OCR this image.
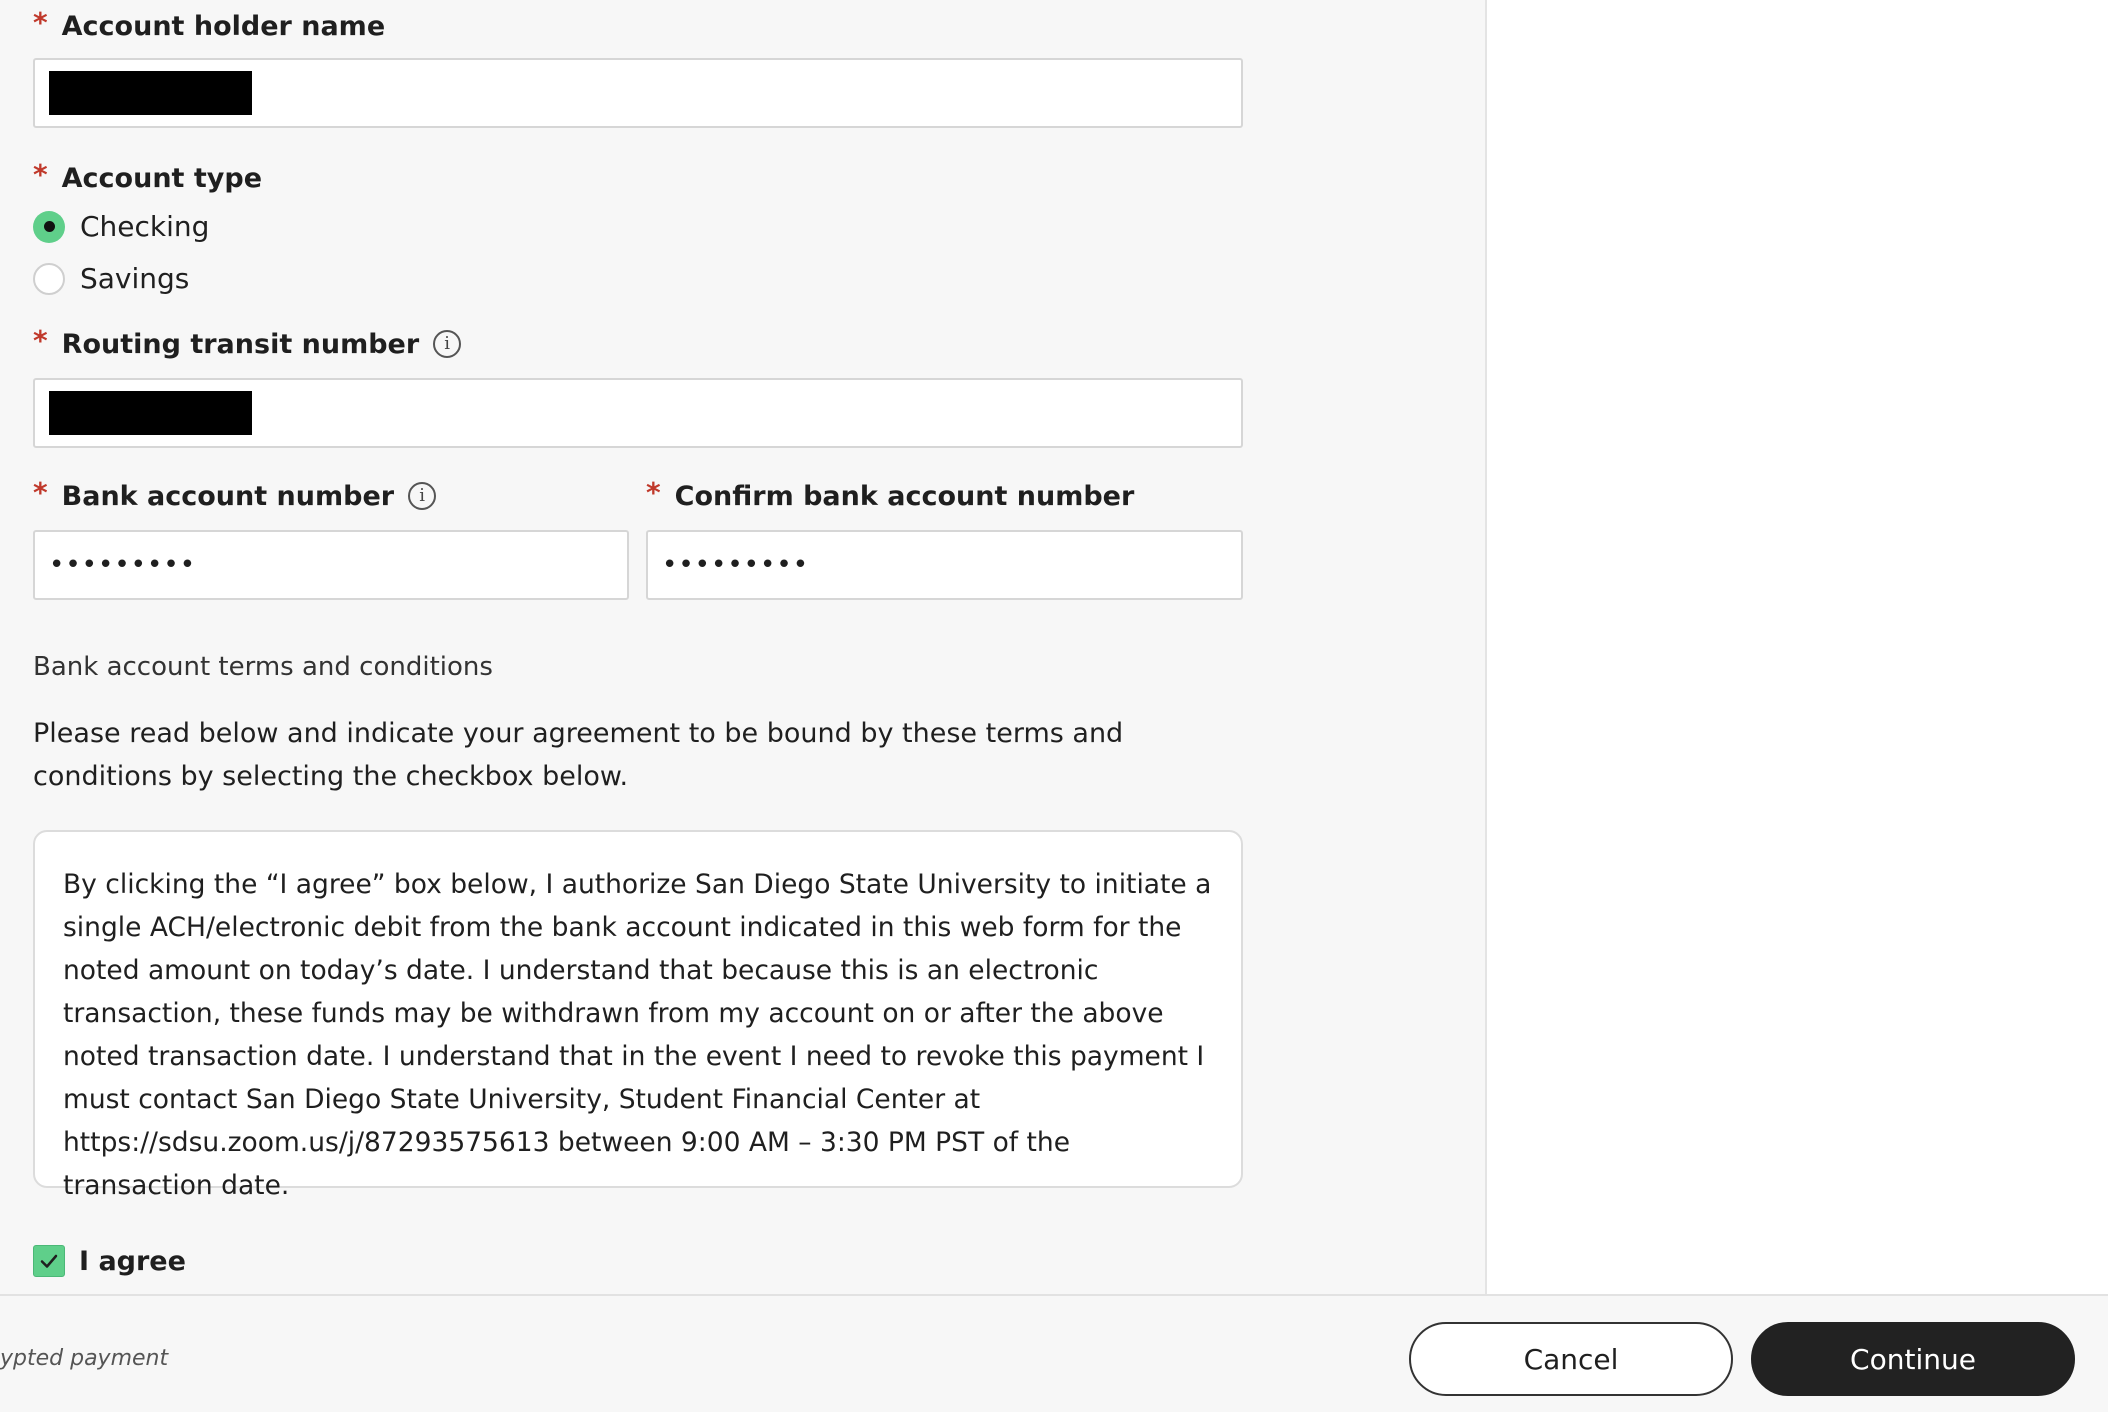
* Account holder name
* Account type
Checking
Savings
* Routing transit number	i
* Bank account number	i
•••••••••
* Confirm bank account number
•••••••••
Bank account terms and conditions
Please read below and indicate your agreement to be bound by these terms and conditions by selecting the checkbox below.
By clicking the “I agree” box below, I authorize San Diego State University to initiate a single ACH/electronic debit from the bank account indicated in this web form for the noted amount on today’s date. I understand that because this is an electronic transaction, these funds may be withdrawn from my account on or after the above noted transaction date. I understand that in the event I need to revoke this payment I must contact San Diego State University, Student Financial Center at https://sdsu.zoom.us/j/87293575613 between 9:00 AM – 3:30 PM PST of the transaction date.
I agree
ypted payment	Cancel	Continue
